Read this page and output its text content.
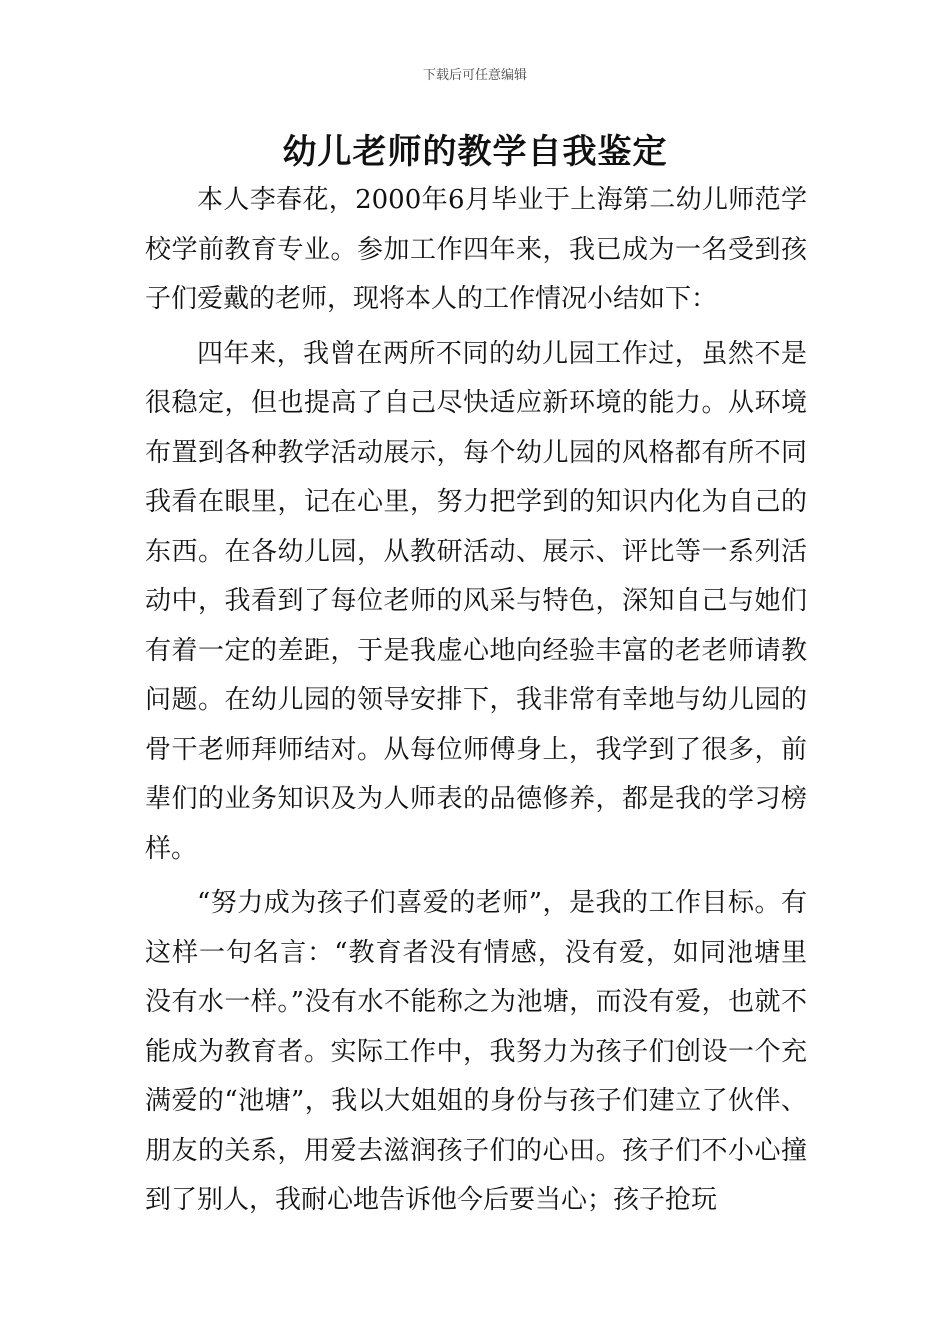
下载后可任意编辑
幼儿老师的教学自我鉴定

本人李春花，2000年6月毕业于上海第二幼儿师范学校学前教育专业。参加工作四年来，我已成为一名受到孩子们爱戴的老师，现将本人的工作情况小结如下：

四年来，我曾在两所不同的幼儿园工作过，虽然不是很稳定，但也提高了自己尽快适应新环境的能力。从环境布置到各种教学活动展示，每个幼儿园的风格都有所不同我看在眼里，记在心里，努力把学到的知识内化为自己的东西。在各幼儿园，从教研活动、展示、评比等一系列活动中，我看到了每位老师的风采与特色，深知自己与她们有着一定的差距，于是我虚心地向经验丰富的老老师请教问题。在幼儿园的领导安排下，我非常有幸地与幼儿园的骨干老师拜师结对。从每位师傅身上，我学到了很多，前辈们的业务知识及为人师表的品德修养，都是我的学习榜样。

“努力成为孩子们喜爱的老师”，是我的工作目标。有这样一句名言：“教育者没有情感，没有爱，如同池塘里没有水一样。”没有水不能称之为池塘，而没有爱，也就不能成为教育者。实际工作中，我努力为孩子们创设一个充满爱的“池塘”，我以大姐姐的身份与孩子们建立了伙伴、朋友的关系，用爱去滋润孩子们的心田。孩子们不小心撞到了别人，我耐心地告诉他今后要当心；孩子抢玩
